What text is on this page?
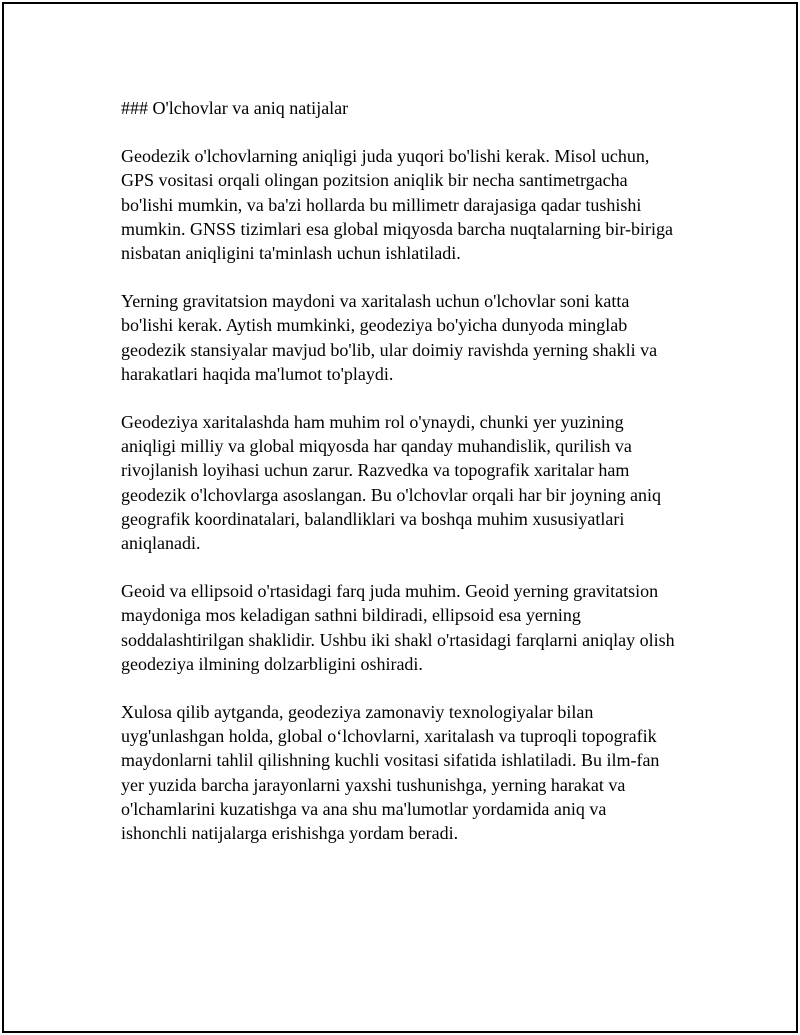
### O'lchovlar va aniq natijalar
Geodezik o'lchovlarning aniqligi juda yuqori bo'lishi kerak. Misol uchun,
GPS vositasi orqali olingan pozitsion aniqlik bir necha santimetrgacha
bo'lishi mumkin, va ba'zi hollarda bu millimetr darajasiga qadar tushishi
mumkin. GNSS tizimlari esa global miqyosda barcha nuqtalarning bir-biriga
nisbatan aniqligini ta'minlash uchun ishlatiladi.
Yerning gravitatsion maydoni va xaritalash uchun o'lchovlar soni katta
bo'lishi kerak. Aytish mumkinki, geodeziya bo'yicha dunyoda minglab
geodezik stansiyalar mavjud bo'lib, ular doimiy ravishda yerning shakli va
harakatlari haqida ma'lumot to'playdi.
Geodeziya xaritalashda ham muhim rol o'ynaydi, chunki yer yuzining
aniqligi milliy va global miqyosda har qanday muhandislik, qurilish va
rivojlanish loyihasi uchun zarur. Razvedka va topografik xaritalar ham
geodezik o'lchovlarga asoslangan. Bu o'lchovlar orqali har bir joyning aniq
geografik koordinatalari, balandliklari va boshqa muhim xususiyatlari
aniqlanadi.
Geoid va ellipsoid o'rtasidagi farq juda muhim. Geoid yerning gravitatsion
maydoniga mos keladigan sathni bildiradi, ellipsoid esa yerning
soddalashtirilgan shaklidir. Ushbu iki shakl o'rtasidagi farqlarni aniqlay olish
geodeziya ilmining dolzarbligini oshiradi.
Xulosa qilib aytganda, geodeziya zamonaviy texnologiyalar bilan
uyg'unlashgan holda, global o‘lchovlarni, xaritalash va tuproqli topografik
maydonlarni tahlil qilishning kuchli vositasi sifatida ishlatiladi. Bu ilm-fan
yer yuzida barcha jarayonlarni yaxshi tushunishga, yerning harakat va
o'lchamlarini kuzatishga va ana shu ma'lumotlar yordamida aniq va
ishonchli natijalarga erishishga yordam beradi.
